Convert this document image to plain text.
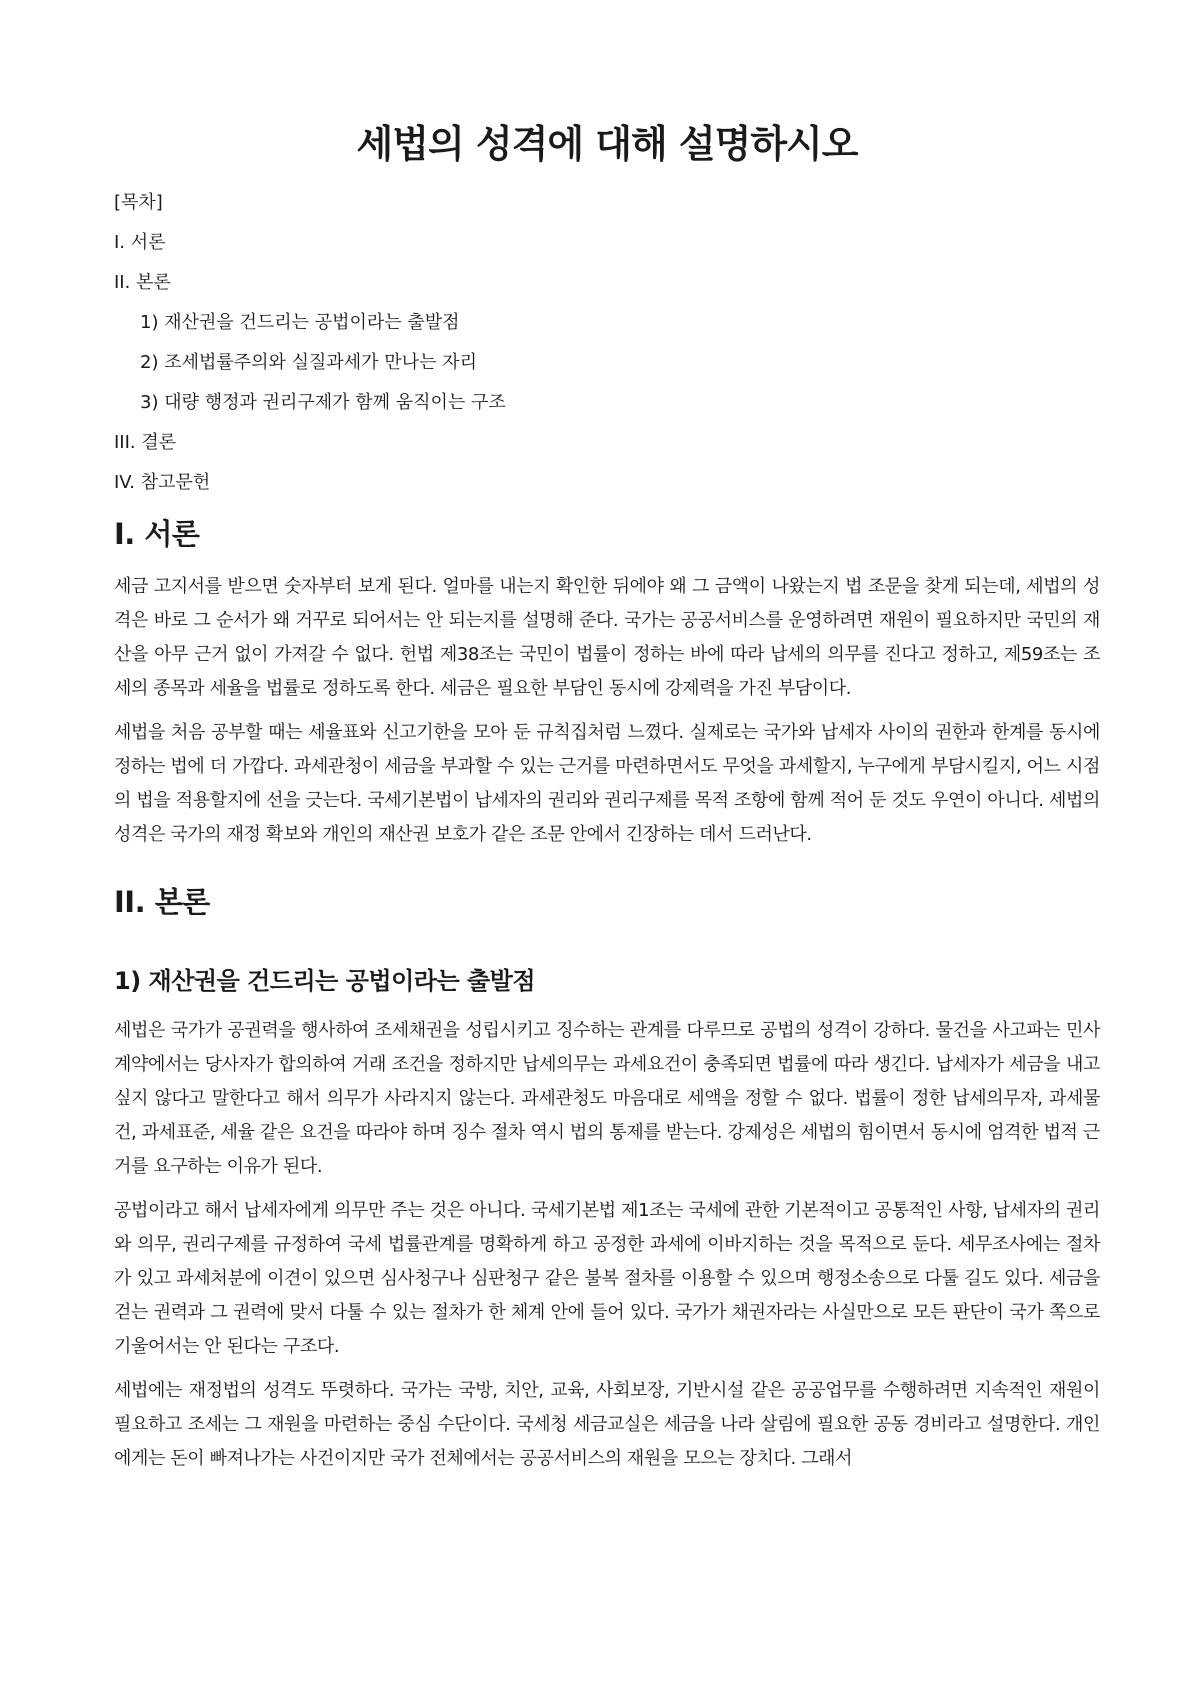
세법의 성격에 대해 설명하시오
[목차]
I. 서론
II. 본론
1) 재산권을 건드리는 공법이라는 출발점
2) 조세법률주의와 실질과세가 만나는 자리
3) 대량 행정과 권리구제가 함께 움직이는 구조
III. 결론
IV. 참고문헌
I. 서론

세금 고지서를 받으면 숫자부터 보게 된다. 얼마를 내는지 확인한 뒤에야 왜 그 금액이 나왔는지 법 조문을 찾게 되는데, 세법의 성격은 바로 그 순서가 왜 거꾸로 되어서는 안 되는지를 설명해 준다. 국가는 공공서비스를 운영하려면 재원이 필요하지만 국민의 재산을 아무 근거 없이 가져갈 수 없다. 헌법 제38조는 국민이 법률이 정하는 바에 따라 납세의 의무를 진다고 정하고, 제59조는 조세의 종목과 세율을 법률로 정하도록 한다. 세금은 필요한 부담인 동시에 강제력을 가진 부담이다.

세법을 처음 공부할 때는 세율표와 신고기한을 모아 둔 규칙집처럼 느꼈다. 실제로는 국가와 납세자 사이의 권한과 한계를 동시에 정하는 법에 더 가깝다. 과세관청이 세금을 부과할 수 있는 근거를 마련하면서도 무엇을 과세할지, 누구에게 부담시킬지, 어느 시점의 법을 적용할지에 선을 긋는다. 국세기본법이 납세자의 권리와 권리구제를 목적 조항에 함께 적어 둔 것도 우연이 아니다. 세법의 성격은 국가의 재정 확보와 개인의 재산권 보호가 같은 조문 안에서 긴장하는 데서 드러난다.

II. 본론
1) 재산권을 건드리는 공법이라는 출발점

세법은 국가가 공권력을 행사하여 조세채권을 성립시키고 징수하는 관계를 다루므로 공법의 성격이 강하다. 물건을 사고파는 민사계약에서는 당사자가 합의하여 거래 조건을 정하지만 납세의무는 과세요건이 충족되면 법률에 따라 생긴다. 납세자가 세금을 내고 싶지 않다고 말한다고 해서 의무가 사라지지 않는다. 과세관청도 마음대로 세액을 정할 수 없다. 법률이 정한 납세의무자, 과세물건, 과세표준, 세율 같은 요건을 따라야 하며 징수 절차 역시 법의 통제를 받는다. 강제성은 세법의 힘이면서 동시에 엄격한 법적 근거를 요구하는 이유가 된다.

공법이라고 해서 납세자에게 의무만 주는 것은 아니다. 국세기본법 제1조는 국세에 관한 기본적이고 공통적인 사항, 납세자의 권리와 의무, 권리구제를 규정하여 국세 법률관계를 명확하게 하고 공정한 과세에 이바지하는 것을 목적으로 둔다. 세무조사에는 절차가 있고 과세처분에 이견이 있으면 심사청구나 심판청구 같은 불복 절차를 이용할 수 있으며 행정소송으로 다툴 길도 있다. 세금을 걷는 권력과 그 권력에 맞서 다툴 수 있는 절차가 한 체계 안에 들어 있다. 국가가 채권자라는 사실만으로 모든 판단이 국가 쪽으로 기울어서는 안 된다는 구조다.

세법에는 재정법의 성격도 뚜렷하다. 국가는 국방, 치안, 교육, 사회보장, 기반시설 같은 공공업무를 수행하려면 지속적인 재원이 필요하고 조세는 그 재원을 마련하는 중심 수단이다. 국세청 세금교실은 세금을 나라 살림에 필요한 공동 경비라고 설명한다. 개인에게는 돈이 빠져나가는 사건이지만 국가 전체에서는 공공서비스의 재원을 모으는 장치다. 그래서
